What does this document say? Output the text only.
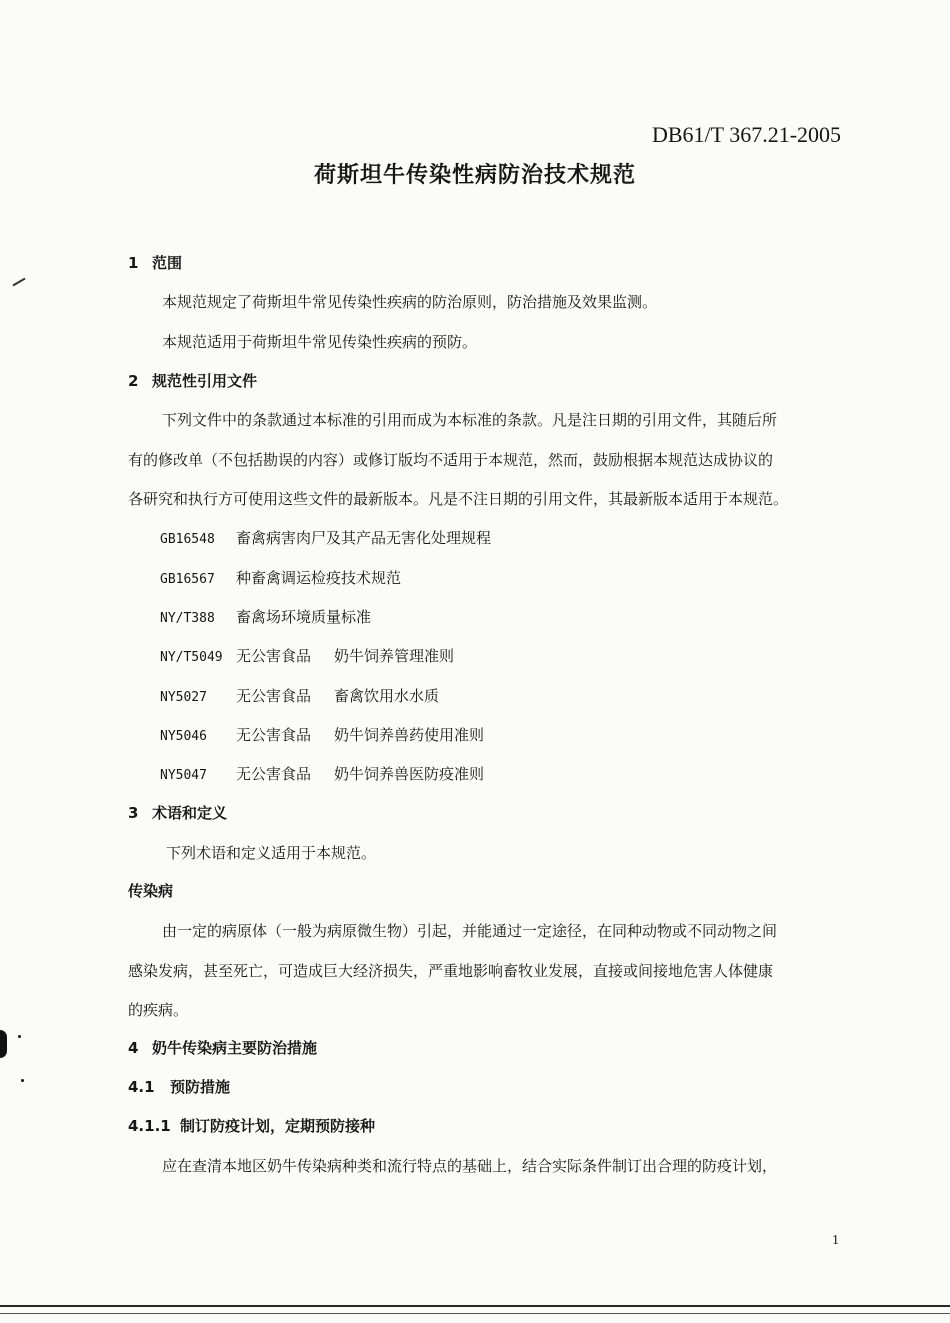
DB61/T 367.21-2005
荷斯坦牛传染性病防治技术规范
1 范围
本规范规定了荷斯坦牛常见传染性疾病的防治原则，防治措施及效果监测。
本规范适用于荷斯坦牛常见传染性疾病的预防。
2 规范性引用文件
下列文件中的条款通过本标准的引用而成为本标准的条款。凡是注日期的引用文件，其随后所
有的修改单（不包括勘误的内容）或修订版均不适用于本规范，然而，鼓励根据本规范达成协议的
各研究和执行方可使用这些文件的最新版本。凡是不注日期的引用文件，其最新版本适用于本规范。
GB16548 畜禽病害肉尸及其产品无害化处理规程
GB16567 种畜禽调运检疫技术规范
NY/T388 畜禽场环境质量标准
NY/T5049 无公害食品 奶牛饲养管理准则
NY5027 无公害食品 畜禽饮用水水质
NY5046 无公害食品 奶牛饲养兽药使用准则
NY5047 无公害食品 奶牛饲养兽医防疫准则
3 术语和定义
下列术语和定义适用于本规范。
传染病
由一定的病原体（一般为病原微生物）引起，并能通过一定途径，在同种动物或不同动物之间
感染发病，甚至死亡，可造成巨大经济损失，严重地影响畜牧业发展，直接或间接地危害人体健康
的疾病。
4 奶牛传染病主要防治措施
4.1 预防措施
4.1.1 制订防疫计划，定期预防接种
应在查清本地区奶牛传染病种类和流行特点的基础上，结合实际条件制订出合理的防疫计划，
1
